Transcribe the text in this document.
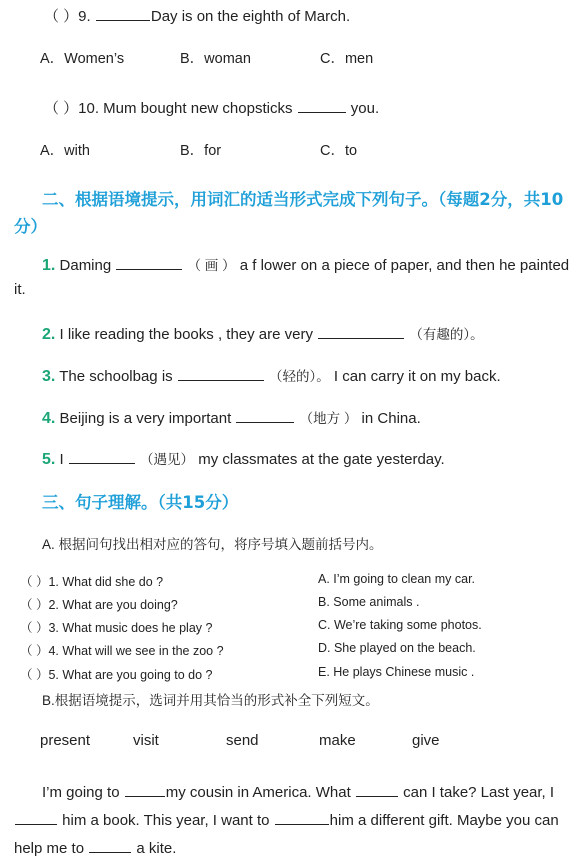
（ ）9.	Day is on the eighth of March.
A．Women’s	B．woman	C．men
（ ）10. Mum bought new chopsticks	you.
A．with	B．for	C．to
二、根据语境提示，用词汇的适当形式完成下列句子。（每题2分，共10
分）
1. Daming	（ 画 ） a f lower on a piece of paper, and then he painted
it.
2. I like reading the books , they are very	（有趣的）。
3. The schoolbag is	（轻的）。 I can carry it on my back.
4. Beijing is a very important	（地方 ） in China.
5. I	（遇见） my classmates at the gate yesterday.
三、句子理解。（共15分）
A. 根据问句找出相对应的答句，将序号填入题前括号内。
（ ）1. What did she do ?
（ ）2. What are you doing?
（ ）3. What music does he play ?
（ ）4. What will we see in the zoo ?
（ ）5. What are you going to do ?
A. I’m going to clean my car.
B. Some animals .
C. We’re taking some photos.
D. She played on the beach.
E. He plays Chinese music .
B.根据语境提示，选词并用其恰当的形式补全下列短文。
present	visit	send	make	give
I’m going to	my cousin in America. What	can I take? Last year, I
him a book. This year, I want to	him a different gift. Maybe you can
help me to	a kite.
